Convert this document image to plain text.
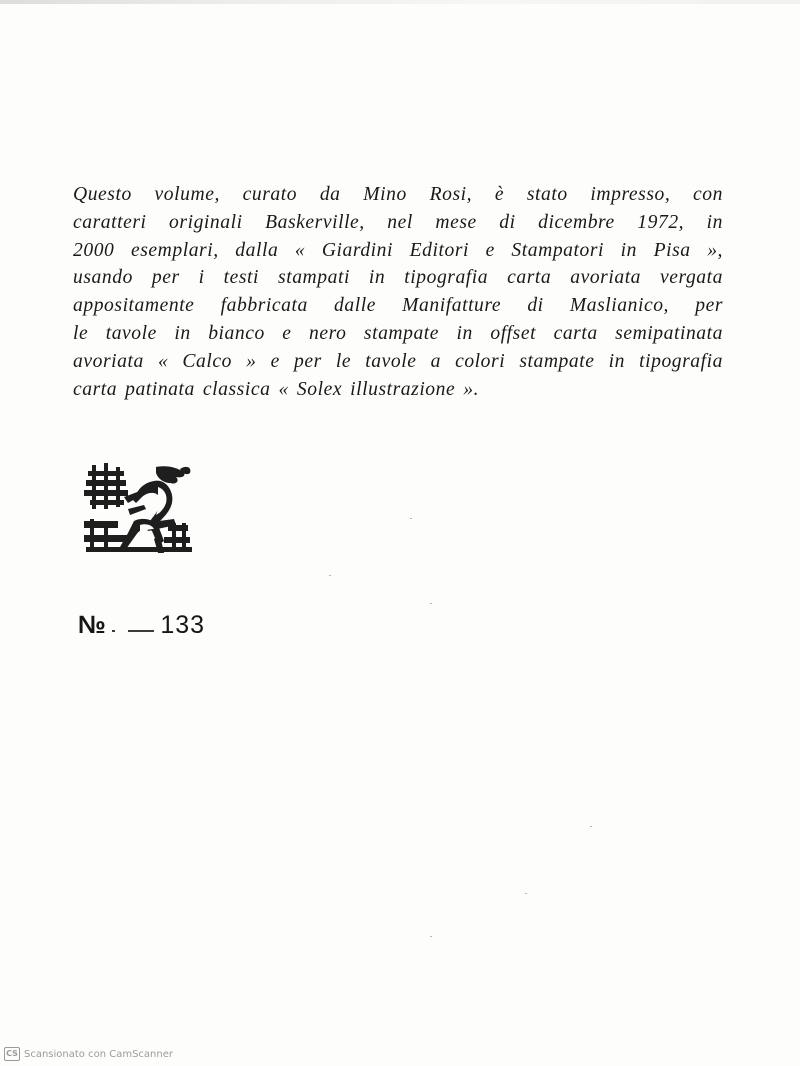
Questo volume, curato da Mino Rosi, è stato impresso, con
caratteri originali Baskerville, nel mese di dicembre 1972, in
2000 esemplari, dalla « Giardini Editori e Stampatori in Pisa »,
usando per i testi stampati in tipografia carta avoriata vergata
appositamente fabbricata dalle Manifatture di Maslianico, per
le tavole in bianco e nero stampate in offset carta semipatinata
avoriata « Calco » e per le tavole a colori stampate in tipografia
carta patinata classica « Solex illustrazione ».

№ 133
CS Scansionato con CamScanner
